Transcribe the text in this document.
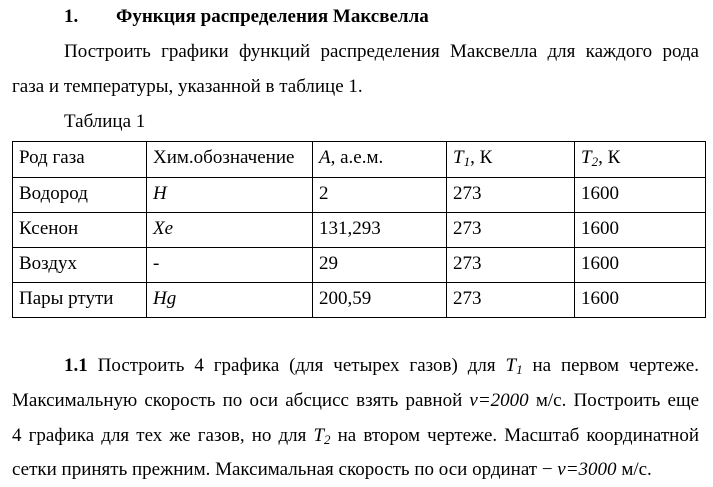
1. Функция распределения Максвелла
Построить графики функций распределения Максвелла для каждого рода
газа и температуры, указанной в таблице 1.
Таблица 1
Род газа	Хим.обозначение	A, а.е.м.	$T_1$, К	$T_2$, К
Водород	H	2	273	1600
Ксенон	Xe	131,293	273	1600
Воздух	-	29	273	1600
Пары ртути	Hg	200,59	273	1600
1.1 Построить 4 графика (для четырех газов) для $T_1$ на первом чертеже.
Максимальную скорость по оси абсцисс взять равной v=2000 м/с. Построить еще
4 графика для тех же газов, но для $T_2$ на втором чертеже. Масштаб координатной
сетки принять прежним. Максимальная скорость по оси ординат − v=3000 м/с.
